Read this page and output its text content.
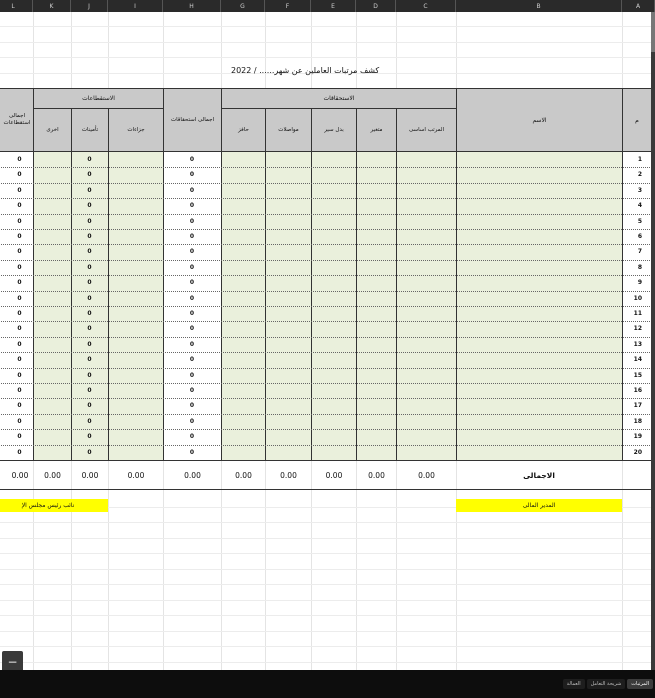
A
B
C
D
E
F
G
H
I
J
K
L
كشف مرتبات العاملين عن شهر...... / 2022
م
الاسم
الاستحقاقات
المرتب اساسى
متغير
بدل سير
مواصلات
حافز
اجمالى استحقاقات
الاستقطاعات
جزاءات
تأمينات
اخرى
اجمالى استقطاعات
1
2
3
4
5
6
7
8
9
10
11
12
13
14
15
16
17
18
19
20
0
0
0
0
0
0
0
0
0
0
0
0
0
0
0
0
0
0
0
0
0
0
0
0
0
0
0
0
0
0
0
0
0
0
0
0
0
0
0
0
0
0
0
0
0
0
0
0
0
0
0
0
0
0
0
0
0
0
0
0
الاجمالى
0.00
0.00
0.00
0.00
0.00
0.00
0.00
0.00
0.00
0.00
المدير المالى
نائب رئيس مجلس الإ
−
المرتبات
شريحة التعامل
العمالة
